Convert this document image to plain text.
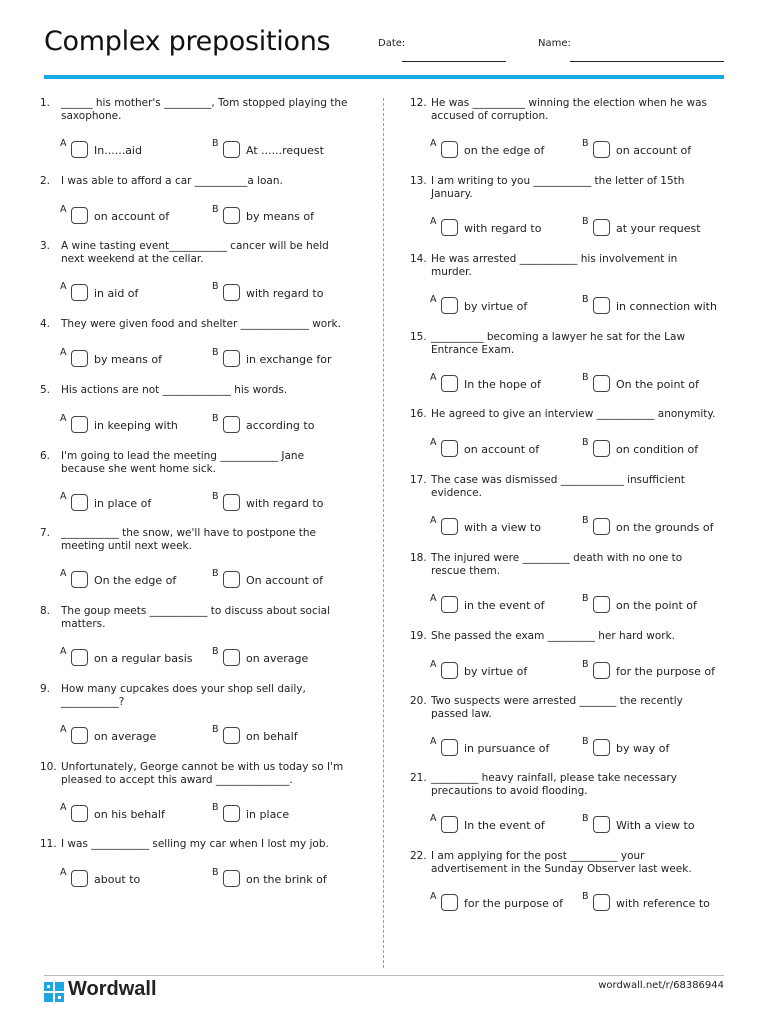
Complex prepositions	Date:	Name:
1. ______ his mother's _________, Tom stopped playing the saxophone.
A
In......aid
B
At ......request
2. I was able to afford a car __________a loan.
A
on account of
B
by means of
3. A wine tasting event___________ cancer will be held next weekend at the cellar.
A
in aid of
B
with regard to
4. They were given food and shelter _____________ work.
A
by means of
B
in exchange for
5. His actions are not _____________ his words.
A
in keeping with
B
according to
6. I'm going to lead the meeting ___________ Jane because she went home sick.
A
in place of
B
with regard to
7. ___________ the snow, we'll have to postpone the meeting until next week.
A
On the edge of
B
On account of
8. The goup meets ___________ to discuss about social matters.
A
on a regular basis
B
on average
9. How many cupcakes does your shop sell daily, ___________?
A
on average
B
on behalf
10. Unfortunately, George cannot be with us today so I'm pleased to accept this award ______________.
A
on his behalf
B
in place
11. I was ___________ selling my car when I lost my job.
A
about to
B
on the brink of
12. He was __________ winning the election when he was accused of corruption.
A
on the edge of
B
on account of
13. I am writing to you ___________ the letter of 15th January.
A
with regard to
B
at your request
14. He was arrested ___________ his involvement in murder.
A
by virtue of
B
in connection with
15. __________ becoming a lawyer he sat for the Law Entrance Exam.
A
In the hope of
B
On the point of
16. He agreed to give an interview ___________ anonymity.
A
on account of
B
on condition of
17. The case was dismissed ____________ insufficient evidence.
A
with a view to
B
on the grounds of
18. The injured were _________ death with no one to rescue them.
A
in the event of
B
on the point of
19. She passed the exam _________ her hard work.
A
by virtue of
B
for the purpose of
20. Two suspects were arrested _______ the recently passed law.
A
in pursuance of
B
by way of
21. _________ heavy rainfall, please take necessary precautions to avoid flooding.
A
In the event of
B
With a view to
22. I am applying for the post _________ your advertisement in the Sunday Observer last week.
A
for the purpose of
B
with reference to
Wordwall	wordwall.net/r/68386944
